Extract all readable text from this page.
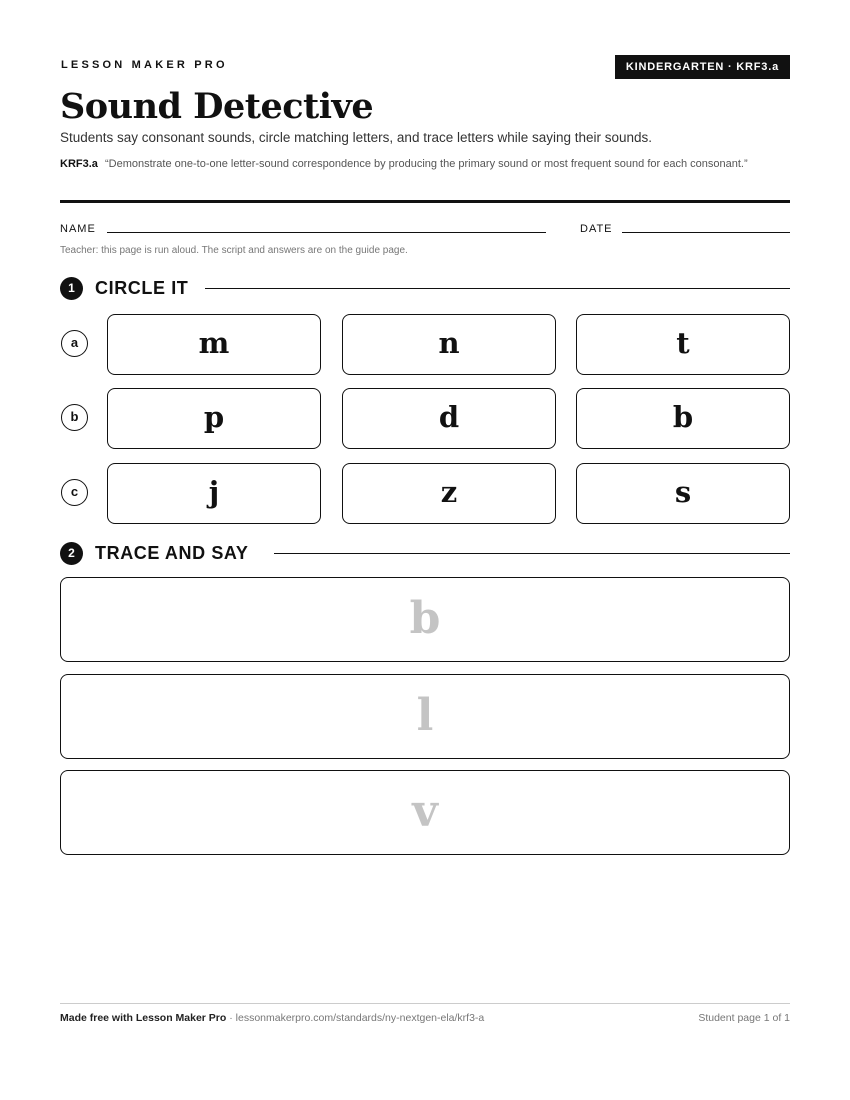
LESSON MAKER PRO	KINDERGARTEN · KRF3.a
Sound Detective

Students say consonant sounds, circle matching letters, and trace letters while saying their sounds.

KRF3.a “Demonstrate one-to-one letter-sound correspondence by producing the primary sound or most frequent sound for each consonant.”

NAME	DATE

Teacher: this page is run aloud. The script and answers are on the guide page.

1	CIRCLE IT
a	m	n	t
b	p	d	b
c	j	z	s
2	TRACE AND SAY
b
l
v

Made free with Lesson Maker Pro · lessonmakerpro.com/standards/ny-nextgen-ela/krf3-a	Student page 1 of 1
